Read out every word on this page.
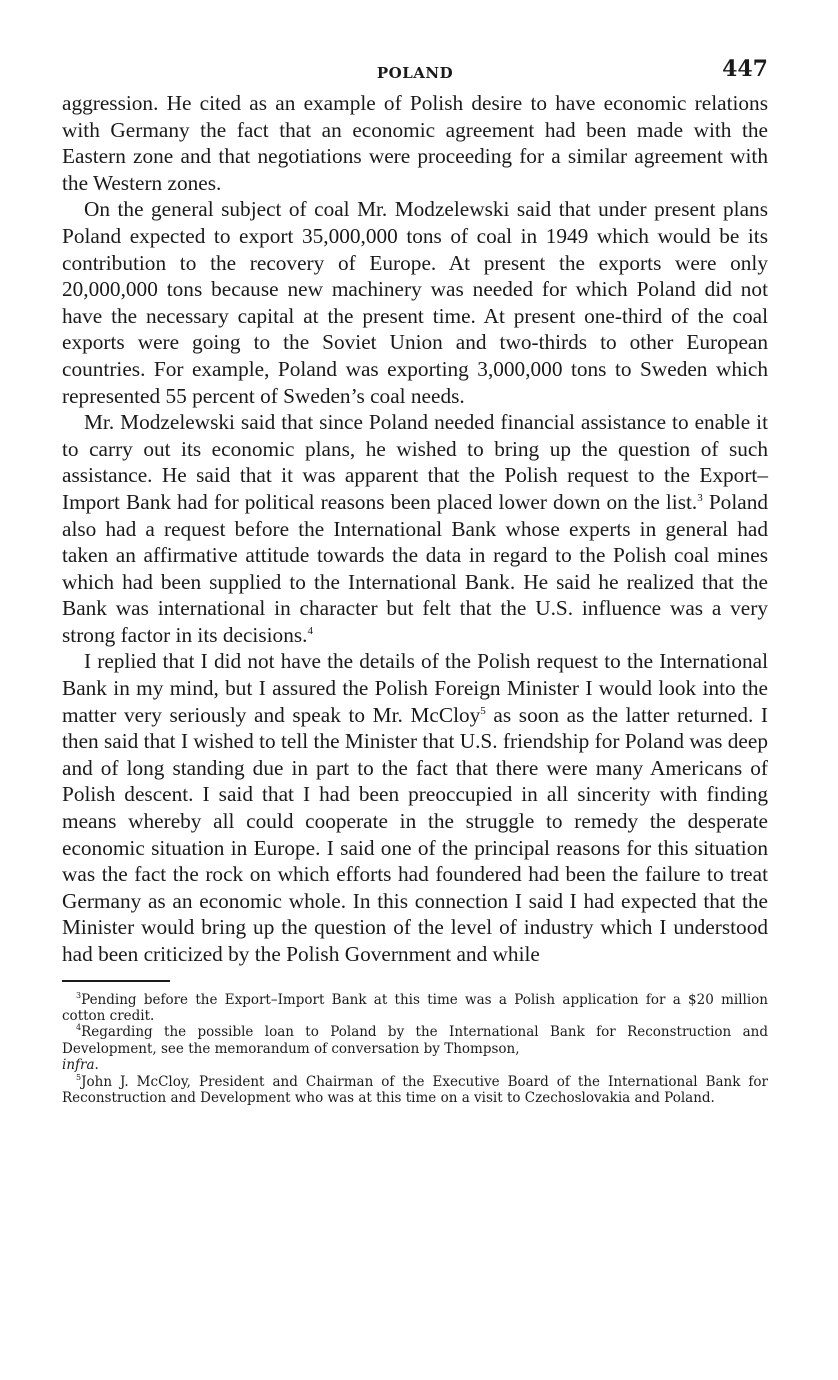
POLAND	447

aggression. He cited as an example of Polish desire to have economic relations with Germany the fact that an economic agreement had been made with the Eastern zone and that negotiations were proceeding for a similar agreement with the Western zones.

On the general subject of coal Mr. Modzelewski said that under present plans Poland expected to export 35,000,000 tons of coal in 1949 which would be its contribution to the recovery of Europe. At present the exports were only 20,000,000 tons because new machinery was needed for which Poland did not have the necessary capital at the present time. At present one-third of the coal exports were going to the Soviet Union and two-thirds to other European countries. For example, Poland was exporting 3,000,000 tons to Sweden which represented 55 percent of Sweden’s coal needs.

Mr. Modzelewski said that since Poland needed financial assistance to enable it to carry out its economic plans, he wished to bring up the question of such assistance. He said that it was apparent that the Polish request to the Export–Import Bank had for political reasons been placed lower down on the list.$^3$ Poland also had a request before the International Bank whose experts in general had taken an affirmative attitude towards the data in regard to the Polish coal mines which had been supplied to the International Bank. He said he realized that the Bank was international in character but felt that the U.S. influence was a very strong factor in its decisions.$^4$

I replied that I did not have the details of the Polish request to the International Bank in my mind, but I assured the Polish Foreign Minister I would look into the matter very seriously and speak to Mr. McCloy$^5$ as soon as the latter returned. I then said that I wished to tell the Minister that U.S. friendship for Poland was deep and of long standing due in part to the fact that there were many Americans of Polish descent. I said that I had been preoccupied in all sincerity with finding means whereby all could cooperate in the struggle to remedy the desperate economic situation in Europe. I said one of the principal reasons for this situation was the fact the rock on which efforts had foundered had been the failure to treat Germany as an economic whole. In this connection I said I had expected that the Minister would bring up the question of the level of industry which I understood had been criticized by the Polish Government and while

$^3$Pending before the Export–Import Bank at this time was a Polish application for a $20 million cotton credit.

$^4$Regarding the possible loan to Poland by the International Bank for Reconstruction and Development, see the memorandum of conversation by Thompson,

infra.

$^5$John J. McCloy, President and Chairman of the Executive Board of the International Bank for Reconstruction and Development who was at this time on a visit to Czechoslovakia and Poland.
